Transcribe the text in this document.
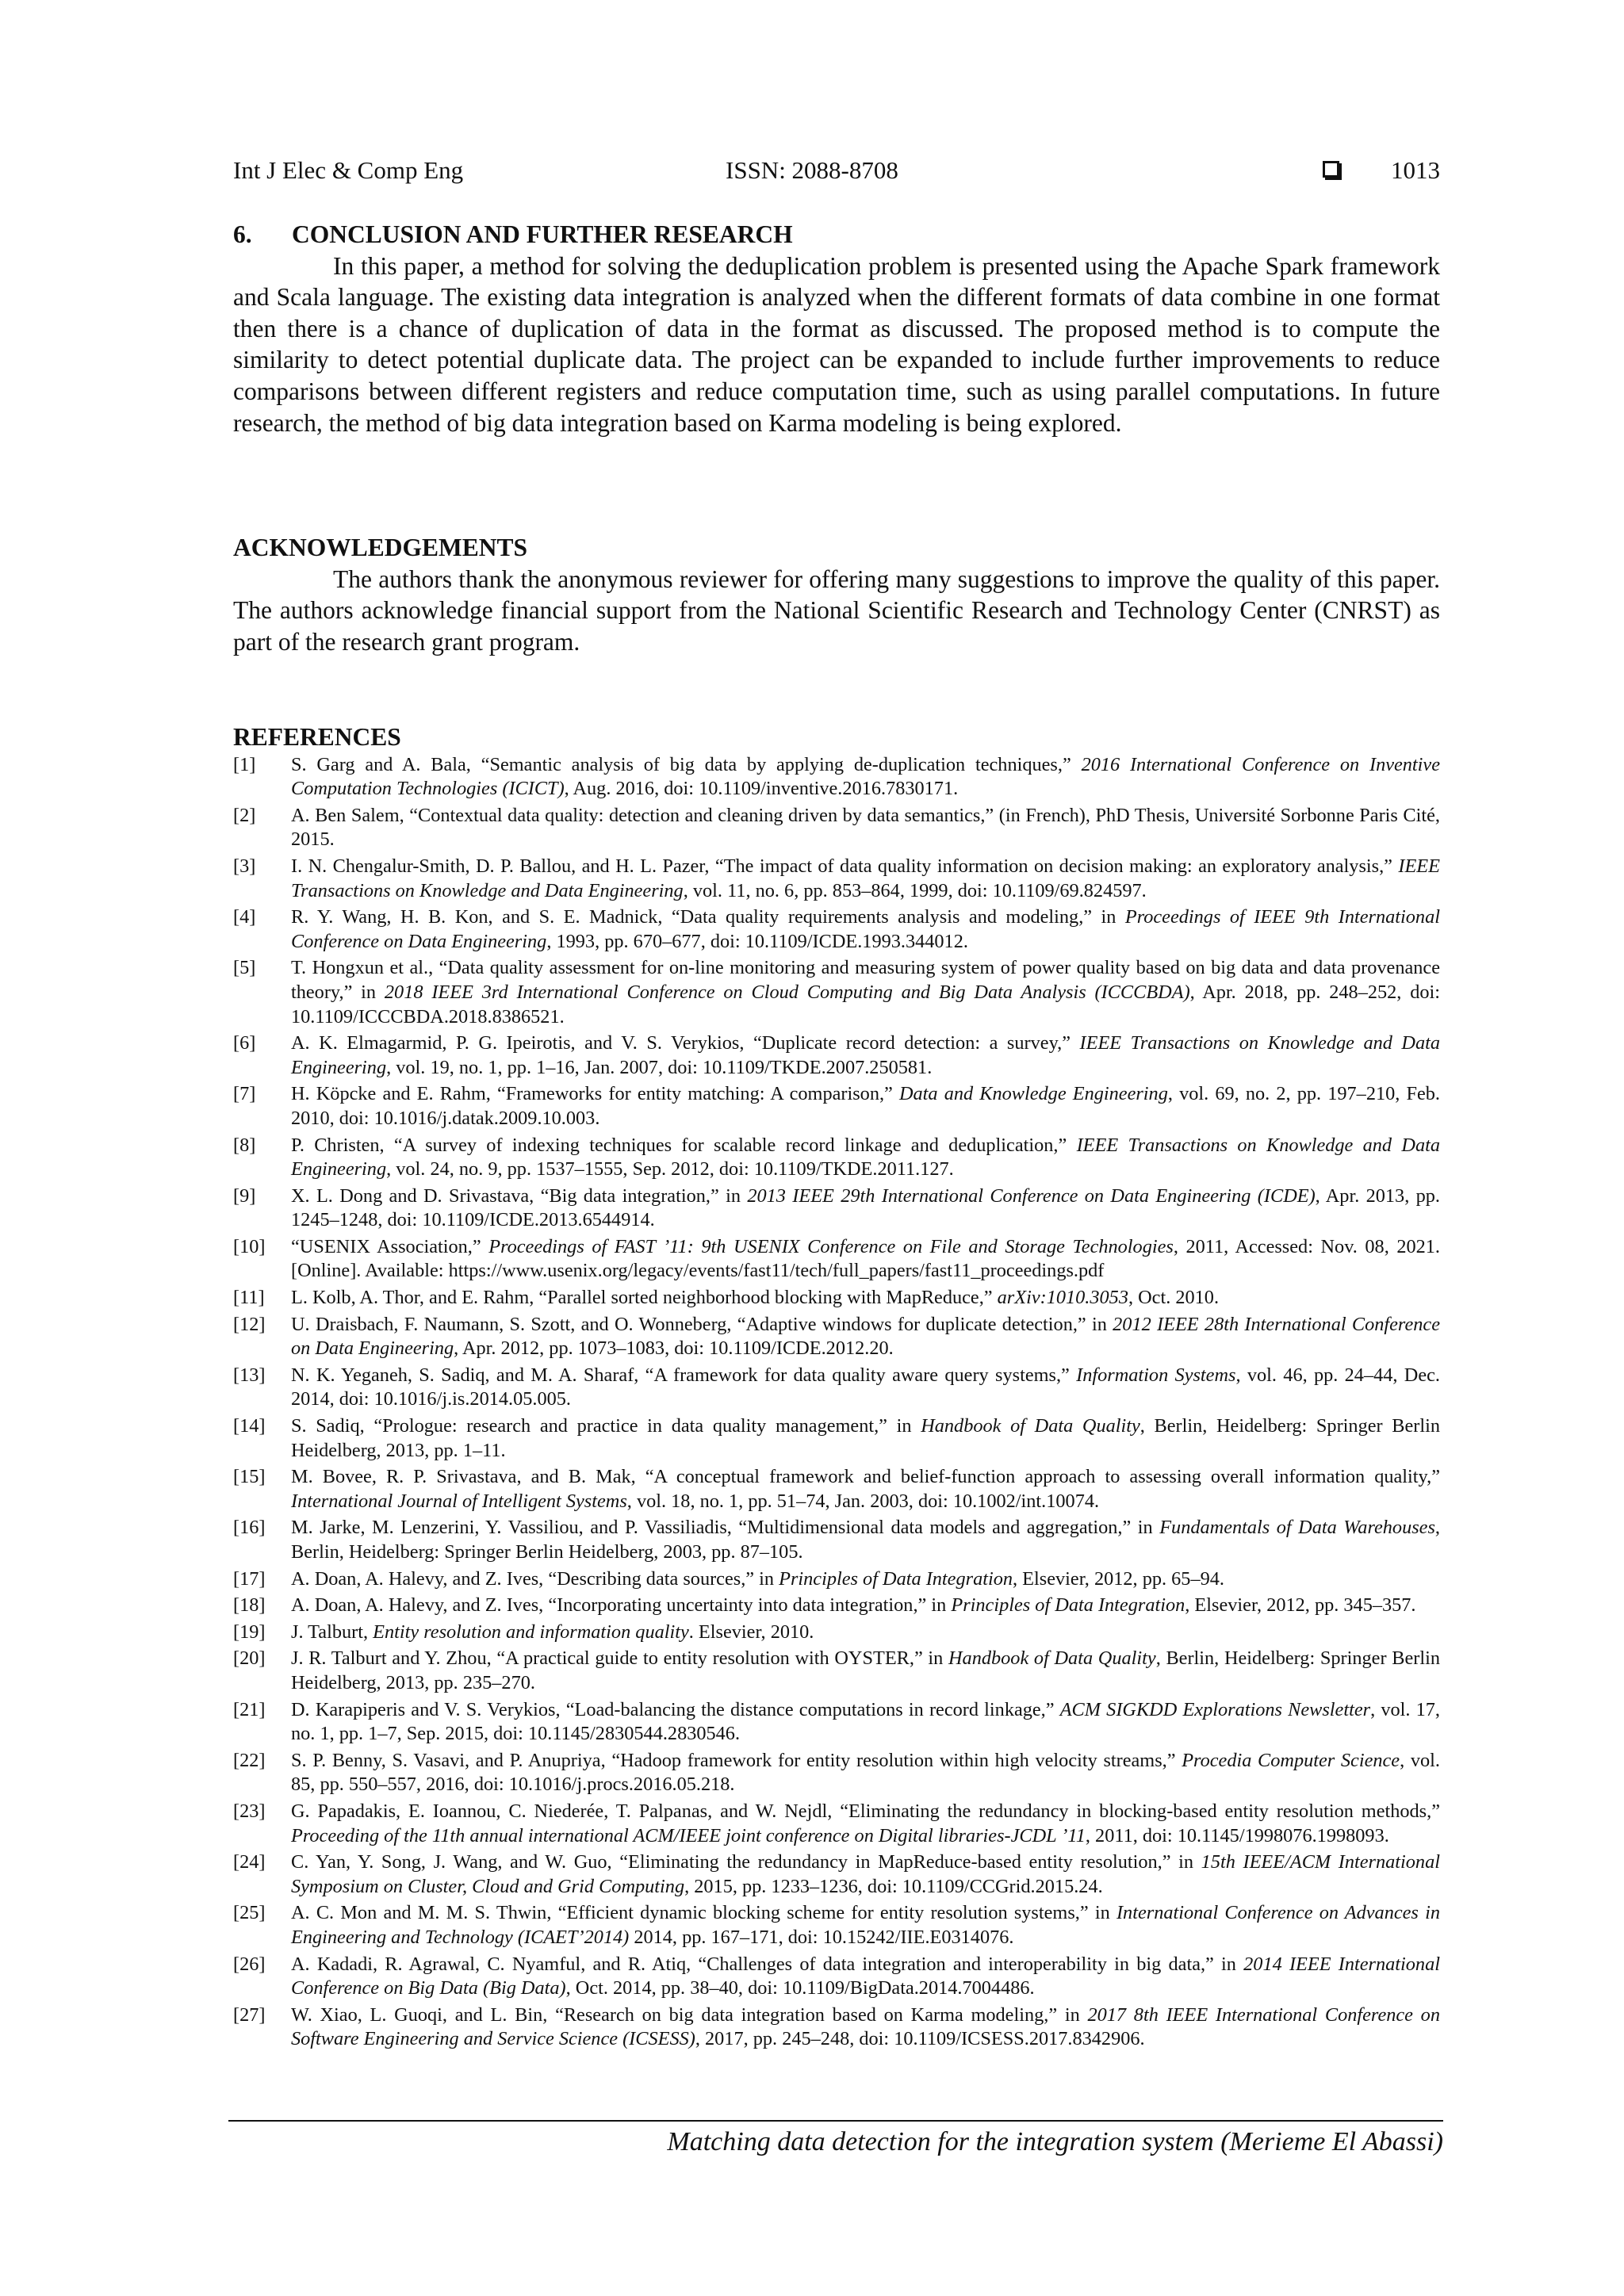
Int J Elec & Comp Eng	ISSN: 2088-8708	1013

6. CONCLUSION AND FURTHER RESEARCH

In this paper, a method for solving the deduplication problem is presented using the Apache Spark framework and Scala language. The existing data integration is analyzed when the different formats of data combine in one format then there is a chance of duplication of data in the format as discussed. The proposed method is to compute the similarity to detect potential duplicate data. The project can be expanded to include further improvements to reduce comparisons between different registers and reduce computation time, such as using parallel computations. In future research, the method of big data integration based on Karma modeling is being explored.

ACKNOWLEDGEMENTS

The authors thank the anonymous reviewer for offering many suggestions to improve the quality of this paper. The authors acknowledge financial support from the National Scientific Research and Technology Center (CNRST) as part of the research grant program.

REFERENCES

[1]	S. Garg and A. Bala, “Semantic analysis of big data by applying de-duplication techniques,” 2016 International Conference on Inventive Computation Technologies (ICICT), Aug. 2016, doi: 10.1109/inventive.2016.7830171.
[2]	A. Ben Salem, “Contextual data quality: detection and cleaning driven by data semantics,” (in French), PhD Thesis, Université Sorbonne Paris Cité, 2015.
[3]	I. N. Chengalur-Smith, D. P. Ballou, and H. L. Pazer, “The impact of data quality information on decision making: an exploratory analysis,” IEEE Transactions on Knowledge and Data Engineering, vol. 11, no. 6, pp. 853–864, 1999, doi: 10.1109/69.824597.
[4]	R. Y. Wang, H. B. Kon, and S. E. Madnick, “Data quality requirements analysis and modeling,” in Proceedings of IEEE 9th International Conference on Data Engineering, 1993, pp. 670–677, doi: 10.1109/ICDE.1993.344012.
[5]	T. Hongxun et al., “Data quality assessment for on-line monitoring and measuring system of power quality based on big data and data provenance theory,” in 2018 IEEE 3rd International Conference on Cloud Computing and Big Data Analysis (ICCCBDA), Apr. 2018, pp. 248–252, doi: 10.1109/ICCCBDA.2018.8386521.
[6]	A. K. Elmagarmid, P. G. Ipeirotis, and V. S. Verykios, “Duplicate record detection: a survey,” IEEE Transactions on Knowledge and Data Engineering, vol. 19, no. 1, pp. 1–16, Jan. 2007, doi: 10.1109/TKDE.2007.250581.
[7]	H. Köpcke and E. Rahm, “Frameworks for entity matching: A comparison,” Data and Knowledge Engineering, vol. 69, no. 2, pp. 197–210, Feb. 2010, doi: 10.1016/j.datak.2009.10.003.
[8]	P. Christen, “A survey of indexing techniques for scalable record linkage and deduplication,” IEEE Transactions on Knowledge and Data Engineering, vol. 24, no. 9, pp. 1537–1555, Sep. 2012, doi: 10.1109/TKDE.2011.127.
[9]	X. L. Dong and D. Srivastava, “Big data integration,” in 2013 IEEE 29th International Conference on Data Engineering (ICDE), Apr. 2013, pp. 1245–1248, doi: 10.1109/ICDE.2013.6544914.
[10]	“USENIX Association,” Proceedings of FAST ’11: 9th USENIX Conference on File and Storage Technologies, 2011, Accessed: Nov. 08, 2021. [Online]. Available: https://www.usenix.org/legacy/events/fast11/tech/full_papers/fast11_proceedings.pdf
[11]	L. Kolb, A. Thor, and E. Rahm, “Parallel sorted neighborhood blocking with MapReduce,” arXiv:1010.3053, Oct. 2010.
[12]	U. Draisbach, F. Naumann, S. Szott, and O. Wonneberg, “Adaptive windows for duplicate detection,” in 2012 IEEE 28th International Conference on Data Engineering, Apr. 2012, pp. 1073–1083, doi: 10.1109/ICDE.2012.20.
[13]	N. K. Yeganeh, S. Sadiq, and M. A. Sharaf, “A framework for data quality aware query systems,” Information Systems, vol. 46, pp. 24–44, Dec. 2014, doi: 10.1016/j.is.2014.05.005.
[14]	S. Sadiq, “Prologue: research and practice in data quality management,” in Handbook of Data Quality, Berlin, Heidelberg: Springer Berlin Heidelberg, 2013, pp. 1–11.
[15]	M. Bovee, R. P. Srivastava, and B. Mak, “A conceptual framework and belief-function approach to assessing overall information quality,” International Journal of Intelligent Systems, vol. 18, no. 1, pp. 51–74, Jan. 2003, doi: 10.1002/int.10074.
[16]	M. Jarke, M. Lenzerini, Y. Vassiliou, and P. Vassiliadis, “Multidimensional data models and aggregation,” in Fundamentals of Data Warehouses, Berlin, Heidelberg: Springer Berlin Heidelberg, 2003, pp. 87–105.
[17]	A. Doan, A. Halevy, and Z. Ives, “Describing data sources,” in Principles of Data Integration, Elsevier, 2012, pp. 65–94.
[18]	A. Doan, A. Halevy, and Z. Ives, “Incorporating uncertainty into data integration,” in Principles of Data Integration, Elsevier, 2012, pp. 345–357.
[19]	J. Talburt, Entity resolution and information quality. Elsevier, 2010.
[20]	J. R. Talburt and Y. Zhou, “A practical guide to entity resolution with OYSTER,” in Handbook of Data Quality, Berlin, Heidelberg: Springer Berlin Heidelberg, 2013, pp. 235–270.
[21]	D. Karapiperis and V. S. Verykios, “Load-balancing the distance computations in record linkage,” ACM SIGKDD Explorations Newsletter, vol. 17, no. 1, pp. 1–7, Sep. 2015, doi: 10.1145/2830544.2830546.
[22]	S. P. Benny, S. Vasavi, and P. Anupriya, “Hadoop framework for entity resolution within high velocity streams,” Procedia Computer Science, vol. 85, pp. 550–557, 2016, doi: 10.1016/j.procs.2016.05.218.
[23]	G. Papadakis, E. Ioannou, C. Niederée, T. Palpanas, and W. Nejdl, “Eliminating the redundancy in blocking-based entity resolution methods,” Proceeding of the 11th annual international ACM/IEEE joint conference on Digital libraries-JCDL ’11, 2011, doi: 10.1145/1998076.1998093.
[24]	C. Yan, Y. Song, J. Wang, and W. Guo, “Eliminating the redundancy in MapReduce-based entity resolution,” in 15th IEEE/ACM International Symposium on Cluster, Cloud and Grid Computing, 2015, pp. 1233–1236, doi: 10.1109/CCGrid.2015.24.
[25]	A. C. Mon and M. M. S. Thwin, “Efficient dynamic blocking scheme for entity resolution systems,” in International Conference on Advances in Engineering and Technology (ICAET’2014) 2014, pp. 167–171, doi: 10.15242/IIE.E0314076.
[26]	A. Kadadi, R. Agrawal, C. Nyamful, and R. Atiq, “Challenges of data integration and interoperability in big data,” in 2014 IEEE International Conference on Big Data (Big Data), Oct. 2014, pp. 38–40, doi: 10.1109/BigData.2014.7004486.
[27]	W. Xiao, L. Guoqi, and L. Bin, “Research on big data integration based on Karma modeling,” in 2017 8th IEEE International Conference on Software Engineering and Service Science (ICSESS), 2017, pp. 245–248, doi: 10.1109/ICSESS.2017.8342906.
Matching data detection for the integration system (Merieme El Abassi)
